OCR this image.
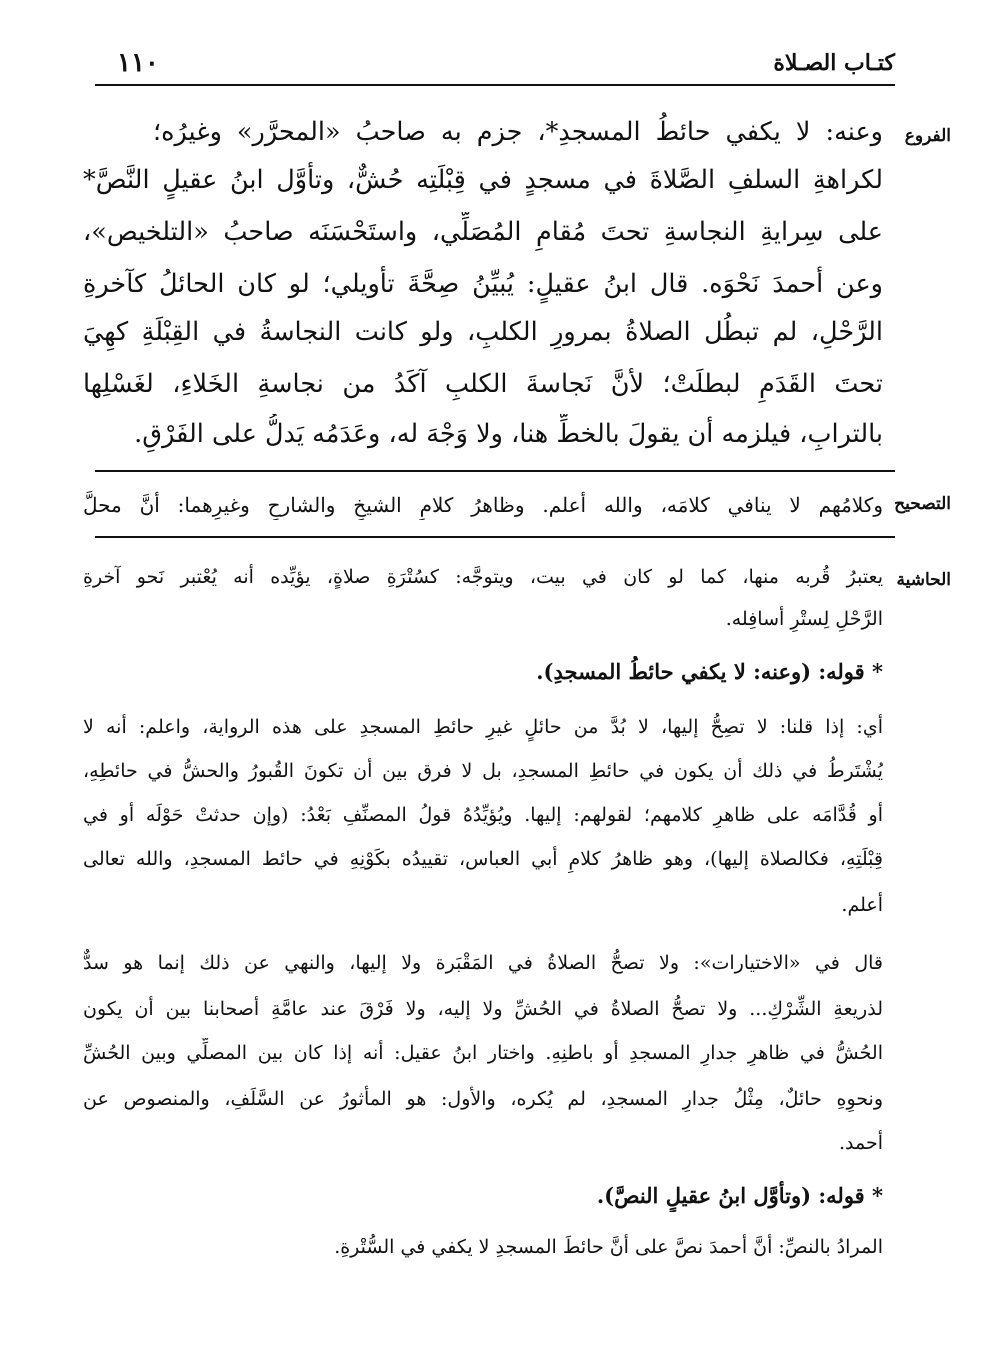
١١٠	كتـاب الصـلاة
الفروع
وعنه: لا يكفي حائطُ المسجدِ*، جزم به صاحبُ «المحرَّر» وغيرُه؛
لكراهةِ السلفِ الصَّلاةَ في مسجدٍ في قِبْلَتِه حُشٌّ، وتأوَّل ابنُ عقيلٍ النَّصَّ*
على سِرايةِ النجاسةِ تحتَ مُقامِ المُصَلِّي، واستَحْسَنَه صاحبُ «التلخيص»،
وعن أحمدَ نَحْوَه. قال ابنُ عقيلٍ: يُبيِّنُ صِحَّةَ تأويلي؛ لو كان الحائلُ كآخرةِ
الرَّحْلِ، لم تبطُل الصلاةُ بمرورِ الكلبِ، ولو كانت النجاسةُ في القِبْلَةِ كهِيَ
تحتَ القَدَمِ لبطلَتْ؛ لأنَّ نَجاسةَ الكلبِ آكَدُ من نجاسةِ الخَلاءِ، لغَسْلِها
بالترابِ، فيلزمه أن يقولَ بالخطِّ هنا، ولا وَجْهَ له، وعَدَمُه يَدلُّ على الفَرْقِ.
التصحيح
وكلامُهم لا ينافي كلامَه، والله أعلم. وظاهرُ كلامِ الشيخِ والشارحِ وغيرِهما: أنَّ محلَّ
الحاشية
يعتبرُ قُربه منها، كما لو كان في بيت، ويتوجَّه: كسُتْرَةِ صلاةٍ، يؤيِّده أنه يُعْتبر نَحو آخرةِ
الرَّحْلِ لِستْرِ أسافِله.
* قوله: (وعنه: لا يكفي حائطُ المسجدِ).
أي: إذا قلنا: لا تصِحُّ إليها، لا بُدَّ من حائلٍ غيرِ حائطِ المسجدِ على هذه الرواية، واعلم: أنه لا
يُشْتَرطُ في ذلك أن يكون في حائطِ المسجدِ، بل لا فرق بين أن تكونَ القُبورُ والحشُّ في حائطِهِ،
أو قُدَّامَه على ظاهرِ كلامهم؛ لقولهم: إليها. ويُؤيِّدُهُ قولُ المصنِّفِ بَعْدُ: (وإن حدثتْ حَوْلَه أو في
قِبْلَتِهِ، فكالصلاة إليها)، وهو ظاهرُ كلامِ أبي العباس، تقييدُه بكَوْنِهِ في حائط المسجدِ، والله تعالى
أعلم.
قال في «الاختيارات»: ولا تصحُّ الصلاةُ في المَقْبَرة ولا إليها، والنهي عن ذلك إنما هو سدٌّ
لذريعةِ الشِّرْكِ... ولا تصحُّ الصلاةُ في الحُشِّ ولا إليه، ولا فَرْقَ عند عامَّةِ أصحابنا بين أن يكون
الحُشُّ في ظاهرِ جدارِ المسجدِ أو باطنِهِ. واختار ابنُ عقيل: أنه إذا كان بين المصلِّي وبين الحُشِّ
ونحوِهِ حائلٌ، مِثْلُ جدارِ المسجدِ، لم يُكره، والأول: هو المأثورُ عن السَّلَفِ، والمنصوص عن
أحمد.
* قوله: (وتأوَّل ابنُ عقيلٍ النصَّ).
المرادُ بالنصِّ: أنَّ أحمدَ نصَّ على أنَّ حائطَ المسجدِ لا يكفي في السُّتْرةِ.
